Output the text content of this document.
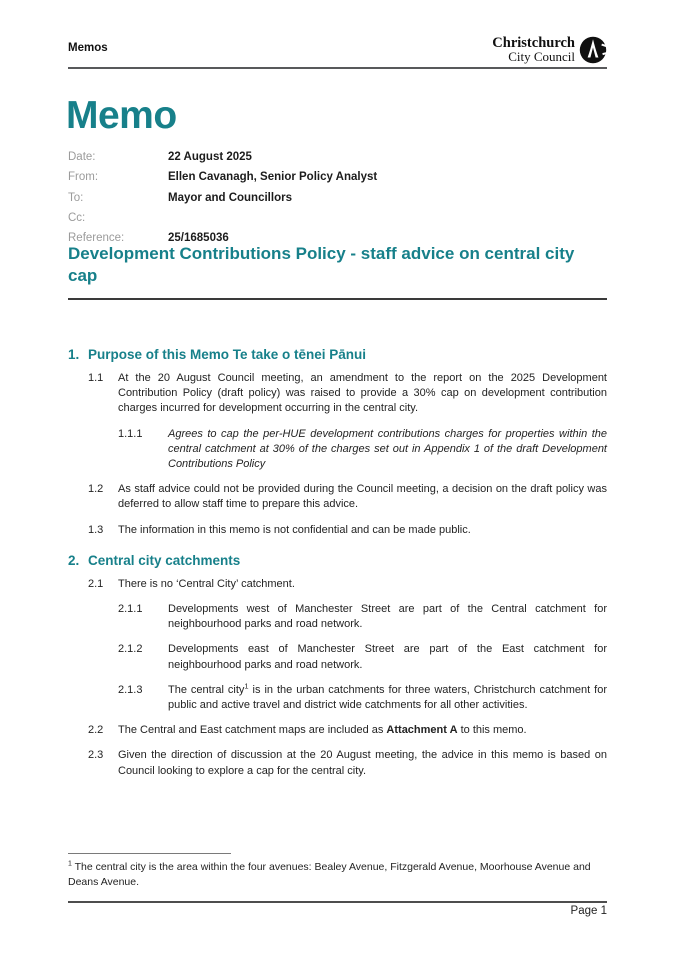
Memos	Christchurch
City Council
Memo
Date:	22 August 2025
From:	Ellen Cavanagh, Senior Policy Analyst
To:	Mayor and Councillors
Cc:
Reference:	25/1685036
Development Contributions Policy - staff advice on central city cap
1. Purpose of this Memo Te take o tēnei Pānui
1.1	At the 20 August Council meeting, an amendment to the report on the 2025 Development Contribution Policy (draft policy) was raised to provide a 30% cap on development contribution charges incurred for development occurring in the central city.

1.1.1	Agrees to cap the per-HUE development contributions charges for properties within the central catchment at 30% of the charges set out in Appendix 1 of the draft Development Contributions Policy

1.2	As staff advice could not be provided during the Council meeting, a decision on the draft policy was deferred to allow staff time to prepare this advice.

1.3	The information in this memo is not confidential and can be made public.

2. Central city catchments
2.1	There is no ‘Central City’ catchment.

2.1.1	Developments west of Manchester Street are part of the Central catchment for neighbourhood parks and road network.

2.1.2	Developments east of Manchester Street are part of the East catchment for neighbourhood parks and road network.

2.1.3	The central city$^1$ is in the urban catchments for three waters, Christchurch catchment for public and active travel and district wide catchments for all other activities.

2.2	The Central and East catchment maps are included as Attachment A to this memo.

2.3	Given the direction of discussion at the 20 August meeting, the advice in this memo is based on Council looking to explore a cap for the central city.

$^1$ The central city is the area within the four avenues: Bealey Avenue, Fitzgerald Avenue, Moorhouse Avenue and Deans Avenue.

Page 1
